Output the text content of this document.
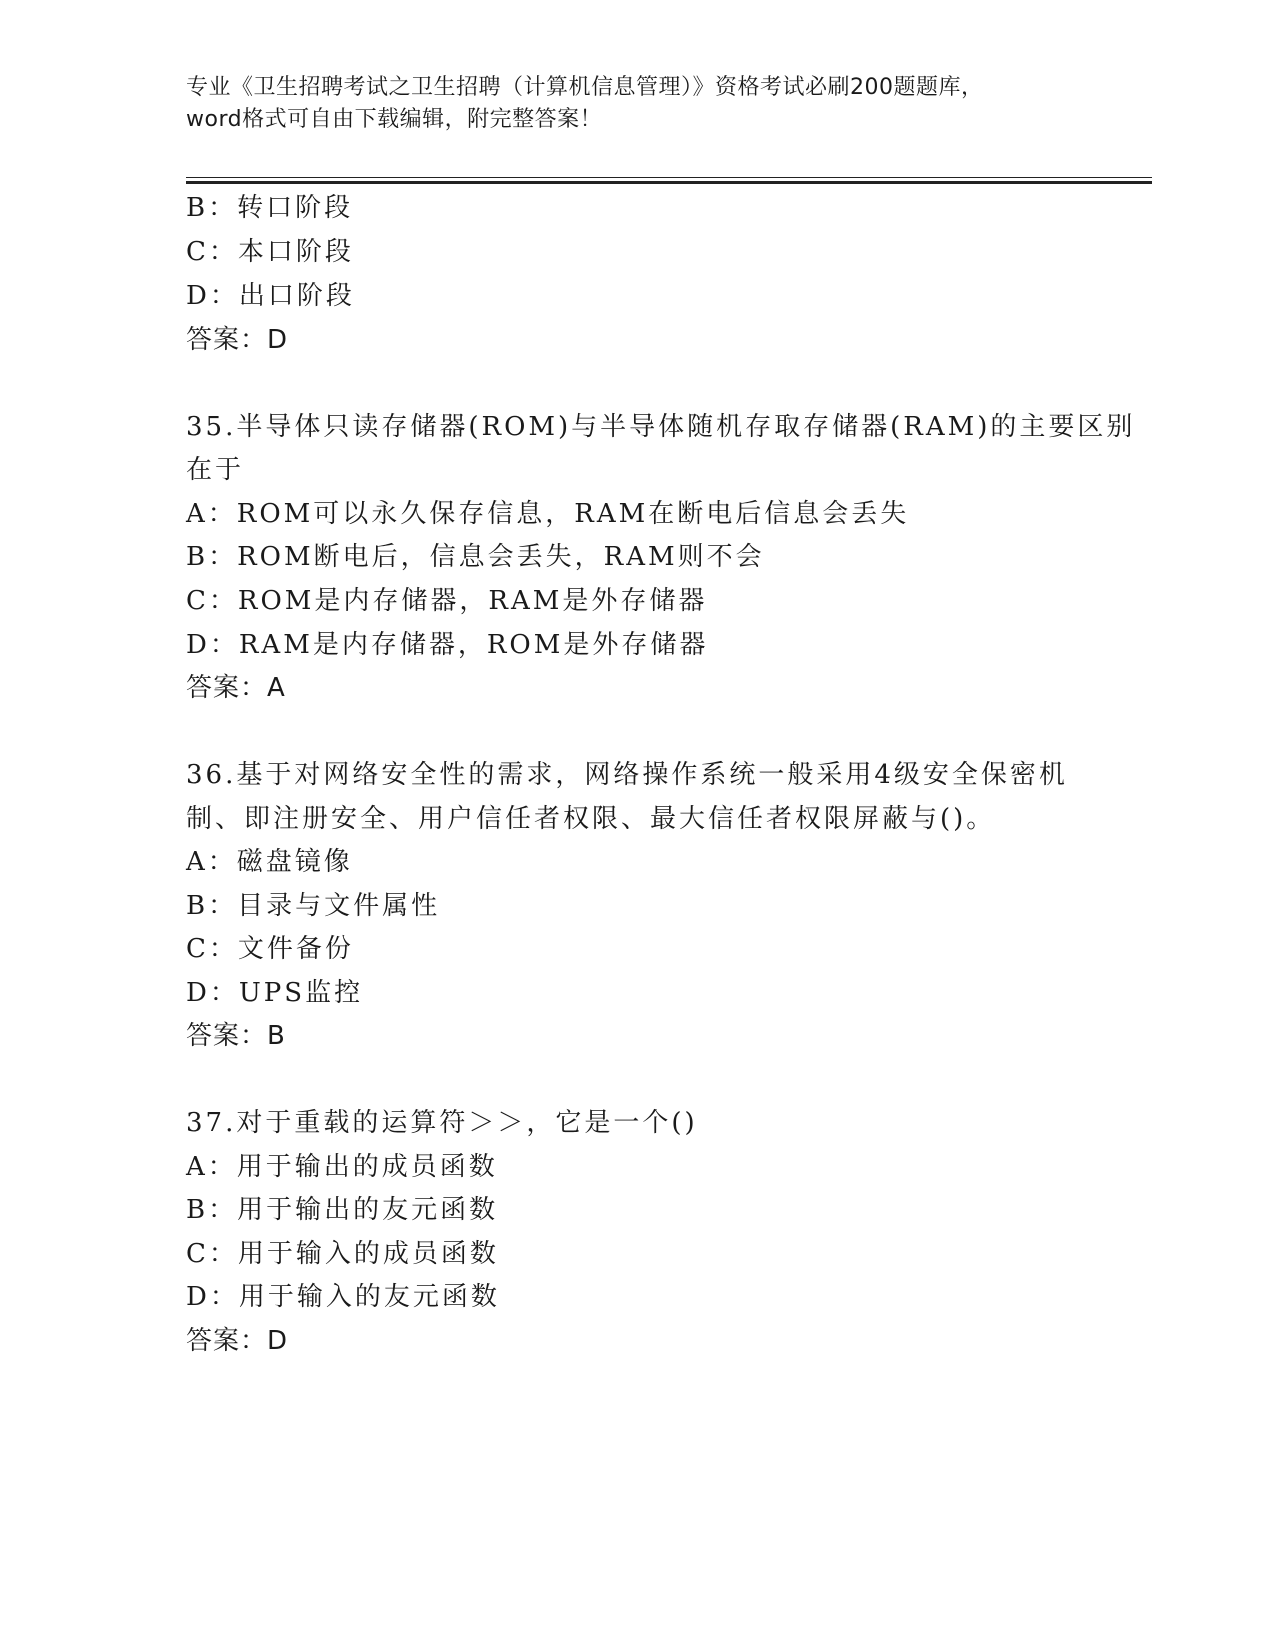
专业《卫生招聘考试之卫生招聘（计算机信息管理）》资格考试必刷200题题库，

word格式可自由下载编辑，附完整答案！

B：转口阶段
C：本口阶段
D：出口阶段
答案：D
35.半导体只读存储器(ROM)与半导体随机存取存储器(RAM)的主要区别
在于
A：ROM可以永久保存信息，RAM在断电后信息会丢失
B：ROM断电后，信息会丢失，RAM则不会
C：ROM是内存储器，RAM是外存储器
D：RAM是内存储器，ROM是外存储器
答案：A
36.基于对网络安全性的需求，网络操作系统一般采用4级安全保密机
制、即注册安全、用户信任者权限、最大信任者权限屏蔽与()。
A：磁盘镜像
B：目录与文件属性
C：文件备份
D：UPS监控
答案：B
37.对于重载的运算符＞＞，它是一个()
A：用于输出的成员函数
B：用于输出的友元函数
C：用于输入的成员函数
D：用于输入的友元函数
答案：D
